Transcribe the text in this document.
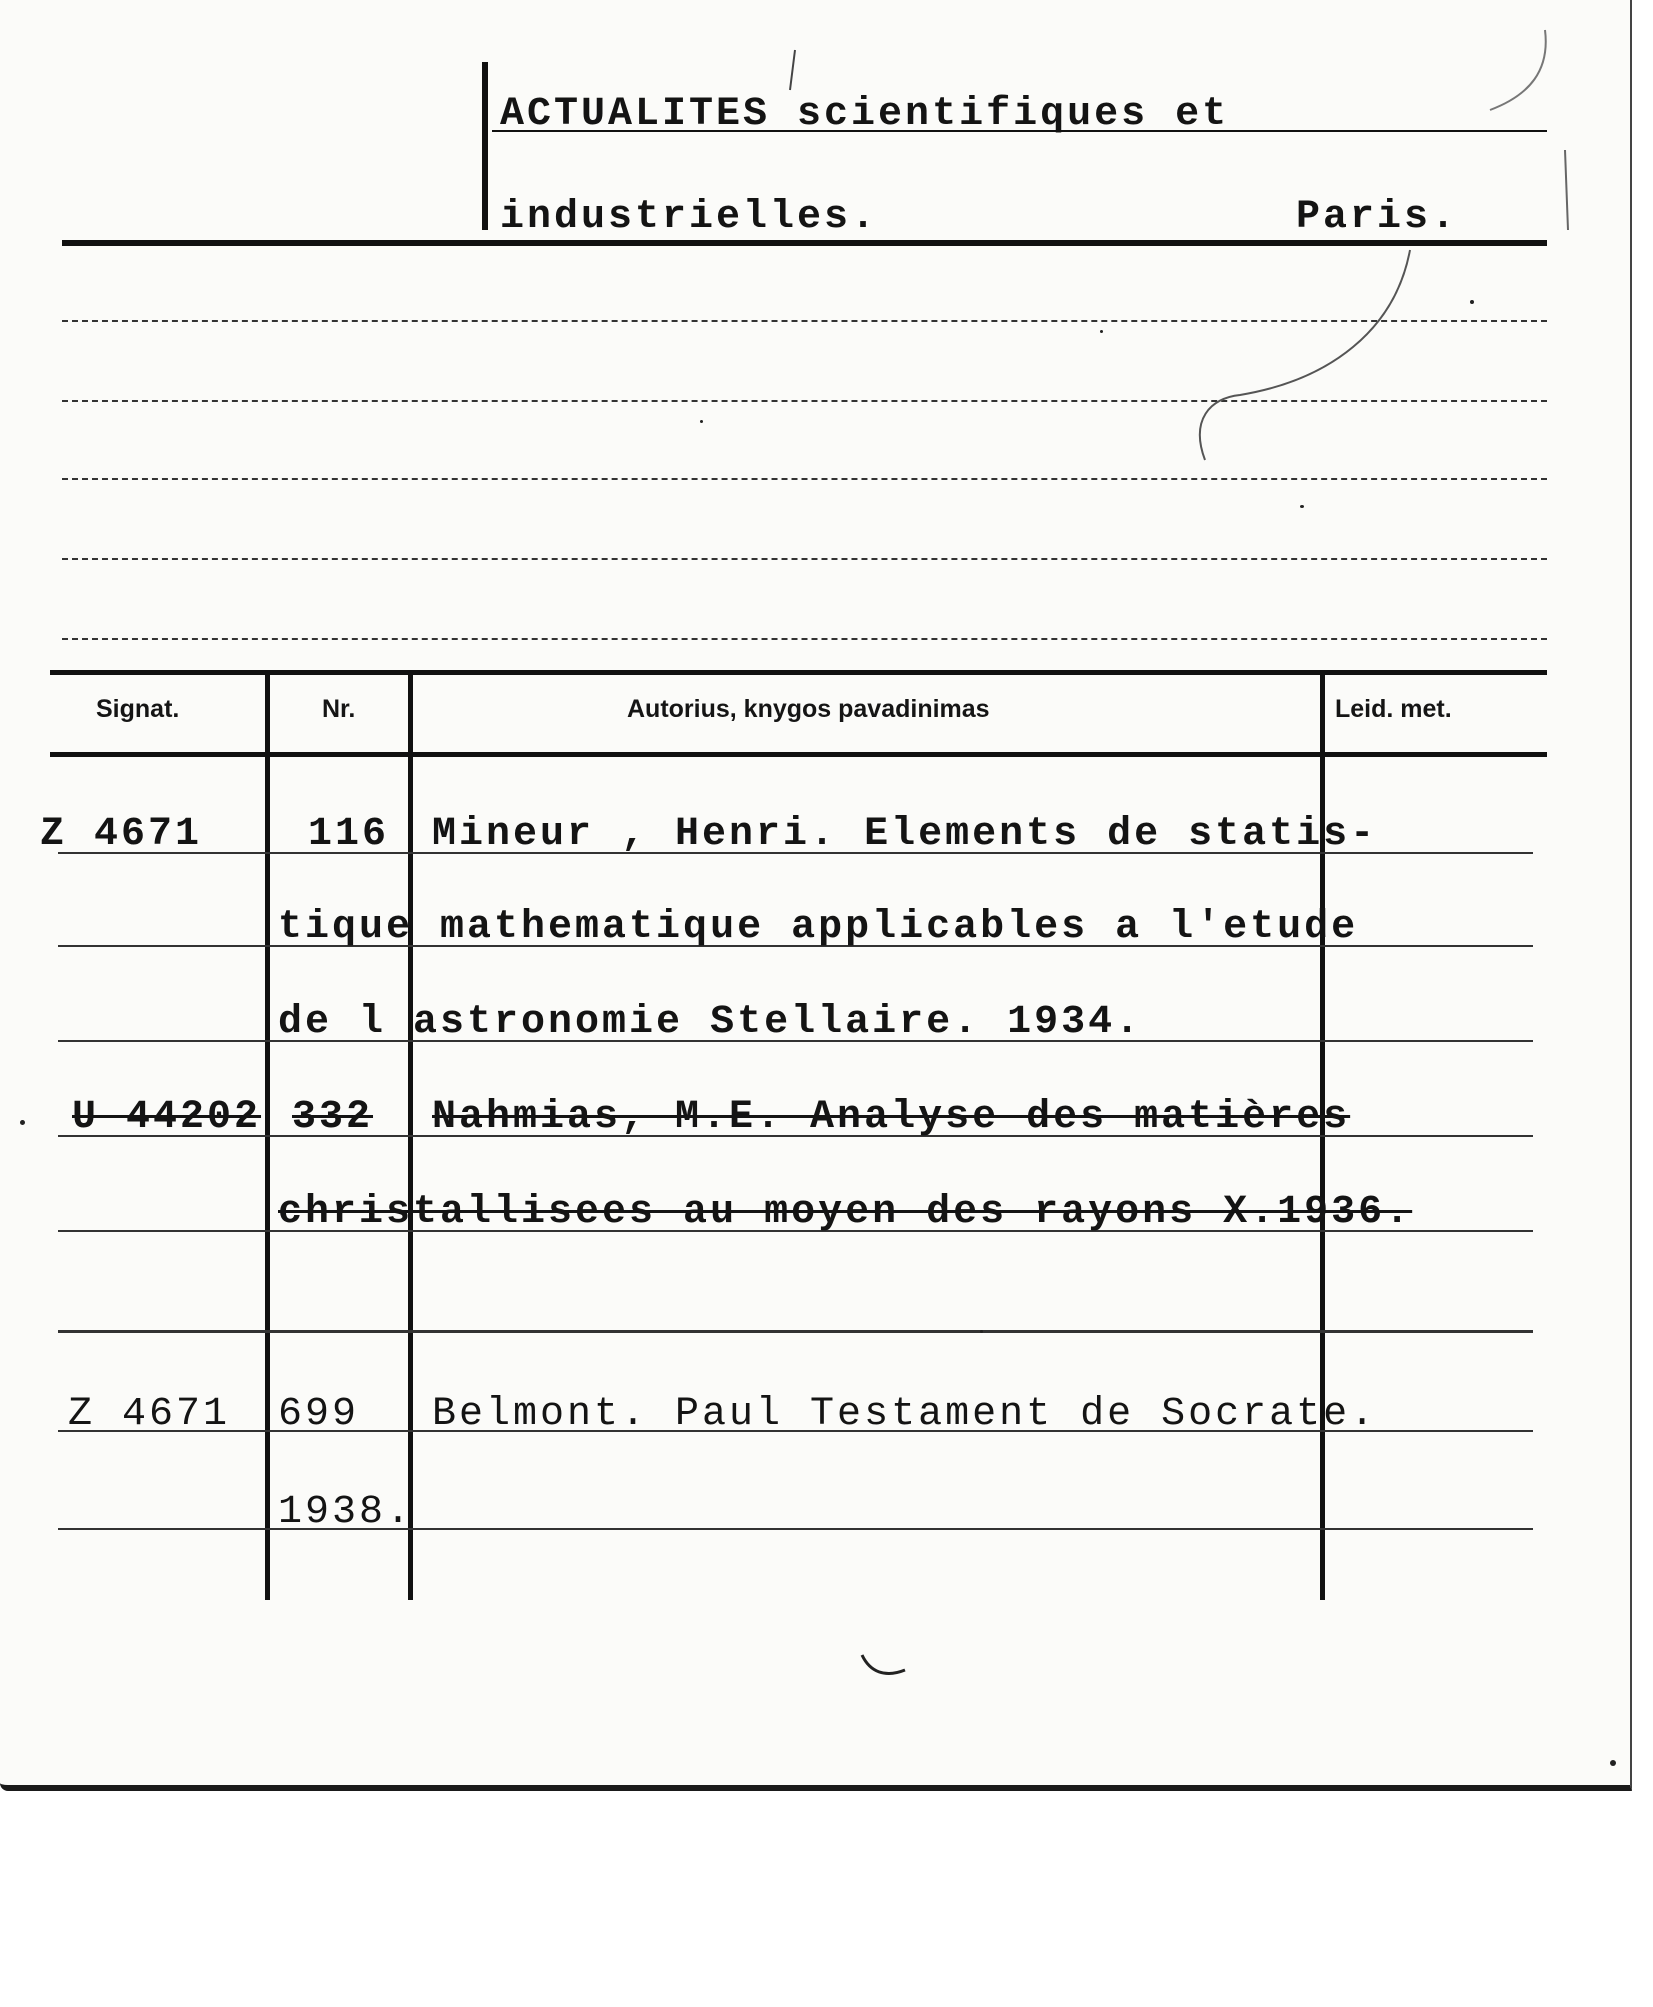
ACTUALITES scientifiques et
industrielles.	Paris.
Signat.	Nr.	Autorius, knygos pavadinimas	Leid. met.
Z 4671	116 Mineur , Henri. Elements de statis-
tique mathematique applicables a l'etude
de l astronomie Stellaire. 1934.
U 44202 332 Nahmias, M.E. Analyse des matières
christallisees au moyen des rayons X.1936.
Z 4671 699 Belmont. Paul Testament de Socrate.
1938.
